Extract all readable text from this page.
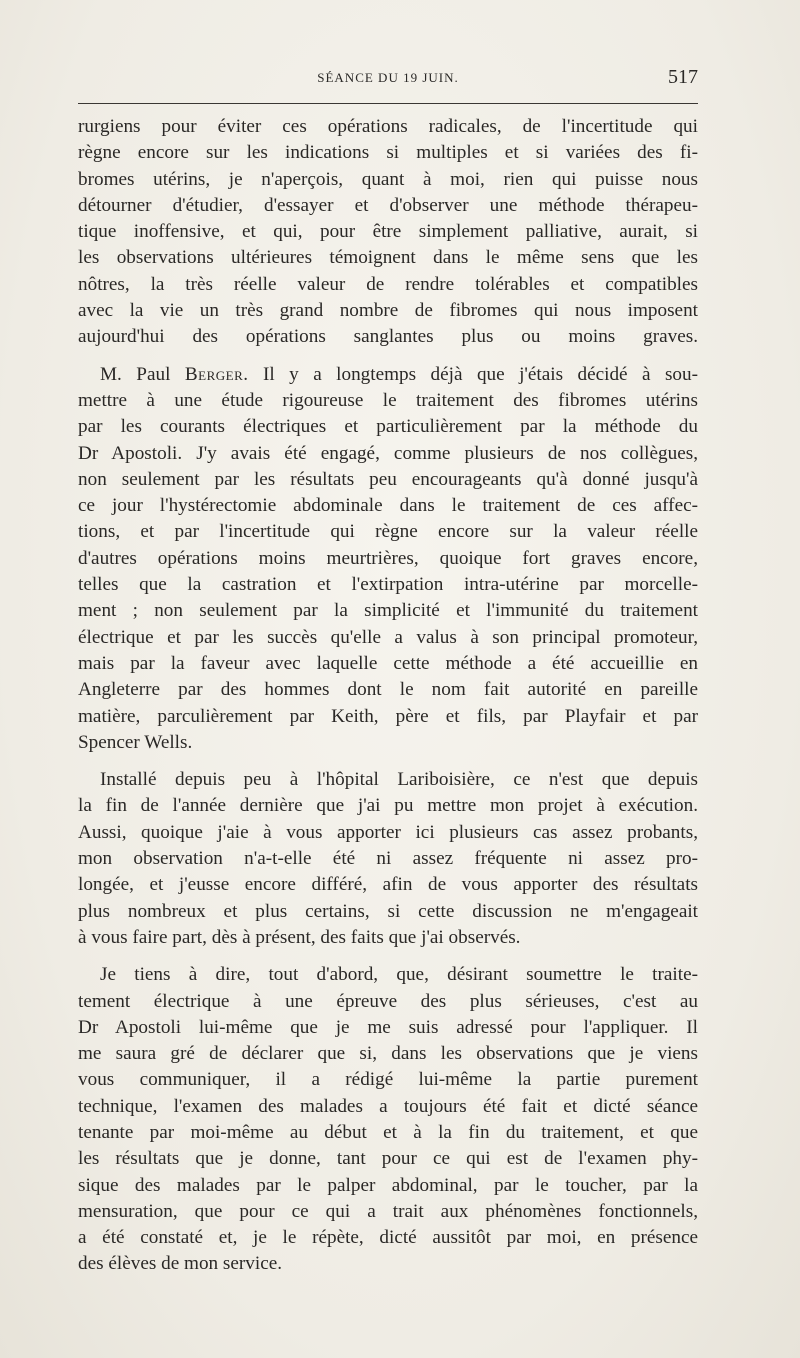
SÉANCE DU 19 JUIN.	517

rurgiens pour éviter ces opérations radicales, de l'incertitude qui
règne encore sur les indications si multiples et si variées des fi-
bromes utérins, je n'aperçois, quant à moi, rien qui puisse nous
détourner d'étudier, d'essayer et d'observer une méthode thérapeu-
tique inoffensive, et qui, pour être simplement palliative, aurait, si
les observations ultérieures témoignent dans le même sens que les
nôtres, la très réelle valeur de rendre tolérables et compatibles
avec la vie un très grand nombre de fibromes qui nous imposent
aujourd'hui des opérations sanglantes plus ou moins graves.

M. Paul Berger. Il y a longtemps déjà que j'étais décidé à sou-
mettre à une étude rigoureuse le traitement des fibromes utérins
par les courants électriques et particulièrement par la méthode du
Dr Apostoli. J'y avais été engagé, comme plusieurs de nos collègues,
non seulement par les résultats peu encourageants qu'à donné jusqu'à
ce jour l'hystérectomie abdominale dans le traitement de ces affec-
tions, et par l'incertitude qui règne encore sur la valeur réelle
d'autres opérations moins meurtrières, quoique fort graves encore,
telles que la castration et l'extirpation intra-utérine par morcelle-
ment ; non seulement par la simplicité et l'immunité du traitement
électrique et par les succès qu'elle a valus à son principal promoteur,
mais par la faveur avec laquelle cette méthode a été accueillie en
Angleterre par des hommes dont le nom fait autorité en pareille
matière, parculièrement par Keith, père et fils, par Playfair et par
Spencer Wells.

Installé depuis peu à l'hôpital Lariboisière, ce n'est que depuis
la fin de l'année dernière que j'ai pu mettre mon projet à exécution.
Aussi, quoique j'aie à vous apporter ici plusieurs cas assez probants,
mon observation n'a-t-elle été ni assez fréquente ni assez pro-
longée, et j'eusse encore différé, afin de vous apporter des résultats
plus nombreux et plus certains, si cette discussion ne m'engageait
à vous faire part, dès à présent, des faits que j'ai observés.

Je tiens à dire, tout d'abord, que, désirant soumettre le traite-
tement électrique à une épreuve des plus sérieuses, c'est au
Dr Apostoli lui-même que je me suis adressé pour l'appliquer. Il
me saura gré de déclarer que si, dans les observations que je viens
vous communiquer, il a rédigé lui-même la partie purement
technique, l'examen des malades a toujours été fait et dicté séance
tenante par moi-même au début et à la fin du traitement, et que
les résultats que je donne, tant pour ce qui est de l'examen phy-
sique des malades par le palper abdominal, par le toucher, par la
mensuration, que pour ce qui a trait aux phénomènes fonctionnels,
a été constaté et, je le répète, dicté aussitôt par moi, en présence
des élèves de mon service.
